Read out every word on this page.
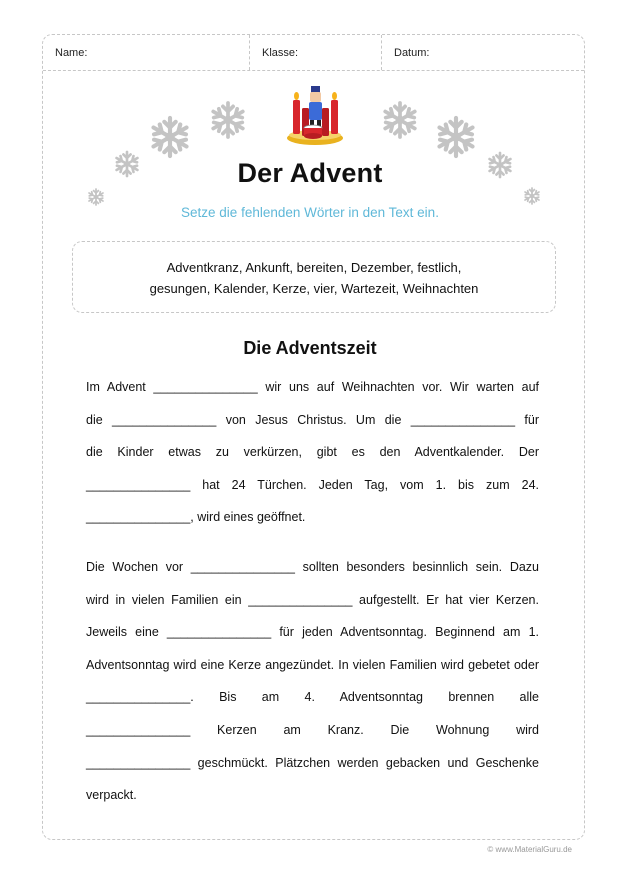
Name:	Klasse:	Datum:
Der Advent
Setze die fehlenden Wörter in den Text ein.
Adventkranz, Ankunft, bereiten, Dezember, festlich,
gesungen, Kalender, Kerze, vier, Wartezeit, Weihnachten
Die Adventszeit
Im Advent _______________ wir uns auf Weihnachten vor. Wir warten auf
die _______________ von Jesus Christus. Um die _______________ für
die Kinder etwas zu verkürzen, gibt es den Adventkalender. Der
_______________ hat 24 Türchen. Jeden Tag, vom 1. bis zum 24.
_______________, wird eines geöffnet.
Die Wochen vor _______________ sollten besonders besinnlich sein. Dazu
wird in vielen Familien ein _______________ aufgestellt. Er hat vier Kerzen.
Jeweils eine _______________ für jeden Adventsonntag. Beginnend am 1.
Adventsonntag wird eine Kerze angezündet. In vielen Familien wird gebetet oder
_______________. Bis am 4. Adventsonntag brennen alle
_______________ Kerzen am Kranz. Die Wohnung wird
_______________ geschmückt. Plätzchen werden gebacken und Geschenke
verpackt.
© www.MaterialGuru.de
